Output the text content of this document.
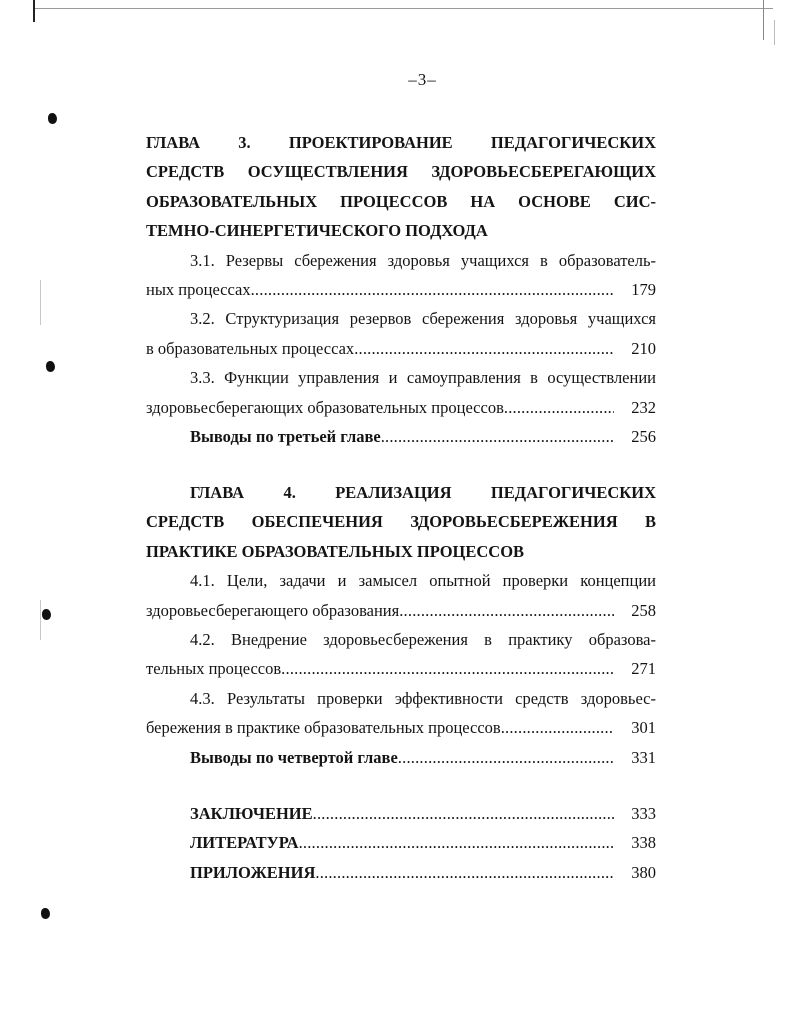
–3–
ГЛАВА 3. ПРОЕКТИРОВАНИЕ ПЕДАГОГИЧЕСКИХ
СРЕДСТВ ОСУЩЕСТВЛЕНИЯ ЗДОРОВЬЕСБЕРЕГАЮЩИХ
ОБРАЗОВАТЕЛЬНЫХ ПРОЦЕССОВ НА ОСНОВЕ СИС-
ТЕМНО-СИНЕРГЕТИЧЕСКОГО ПОДХОДА
3.1. Резервы сбережения здоровья учащихся в образователь-
ных процессах .....	179
3.2. Структуризация резервов сбережения здоровья учащихся
в образовательных процессах .....	210
3.3. Функции управления и самоуправления в осуществлении
здоровьесберегающих образовательных процессов .....	232
Выводы по третьей главе .....	256
ГЛАВА 4. РЕАЛИЗАЦИЯ ПЕДАГОГИЧЕСКИХ
СРЕДСТВ ОБЕСПЕЧЕНИЯ ЗДОРОВЬЕСБЕРЕЖЕНИЯ В
ПРАКТИКЕ ОБРАЗОВАТЕЛЬНЫХ ПРОЦЕССОВ
4.1. Цели, задачи и замысел опытной проверки концепции
здоровьесберегающего образования .....	258
4.2. Внедрение здоровьесбережения в практику образова-
тельных процессов .....	271
4.3. Результаты проверки эффективности средств здоровьес-
бережения в практике образовательных процессов .....	301
Выводы по четвертой главе .....	331
ЗАКЛЮЧЕНИЕ .....	333
ЛИТЕРАТУРА .....	338
ПРИЛОЖЕНИЯ .....	380
